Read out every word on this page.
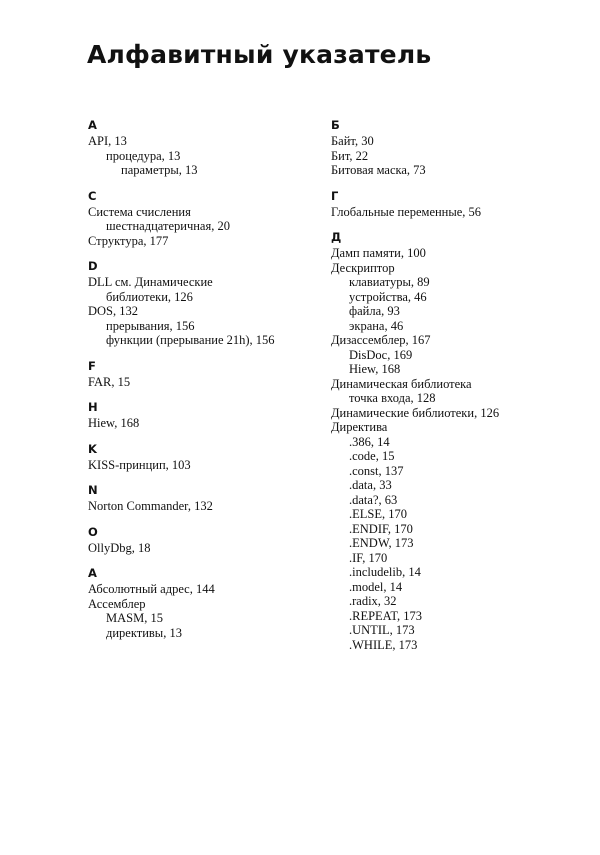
Алфавитный указатель
A
API, 13
процедура, 13
параметры, 13
C
Система счисления
шестнадцатеричная, 20
Структура, 177
D
DLL см. Динамические
библиотеки, 126
DOS, 132
прерывания, 156
функции (прерывание 21h), 156
F
FAR, 15
H
Hiew, 168
K
KISS-принцип, 103
N
Norton Commander, 132
O
OllyDbg, 18
А
Абсолютный адрес, 144
Ассемблер
MASM, 15
директивы, 13
Б
Байт, 30
Бит, 22
Битовая маска, 73
Г
Глобальные переменные, 56
Д
Дамп памяти, 100
Дескриптор
клавиатуры, 89
устройства, 46
файла, 93
экрана, 46
Дизассемблер, 167
DisDoc, 169
Hiew, 168
Динамическая библиотека
точка входа, 128
Динамические библиотеки, 126
Директива
.386, 14
.code, 15
.const, 137
.data, 33
.data?, 63
.ELSE, 170
.ENDIF, 170
.ENDW, 173
.IF, 170
.includelib, 14
.model, 14
.radix, 32
.REPEAT, 173
.UNTIL, 173
.WHILE, 173
